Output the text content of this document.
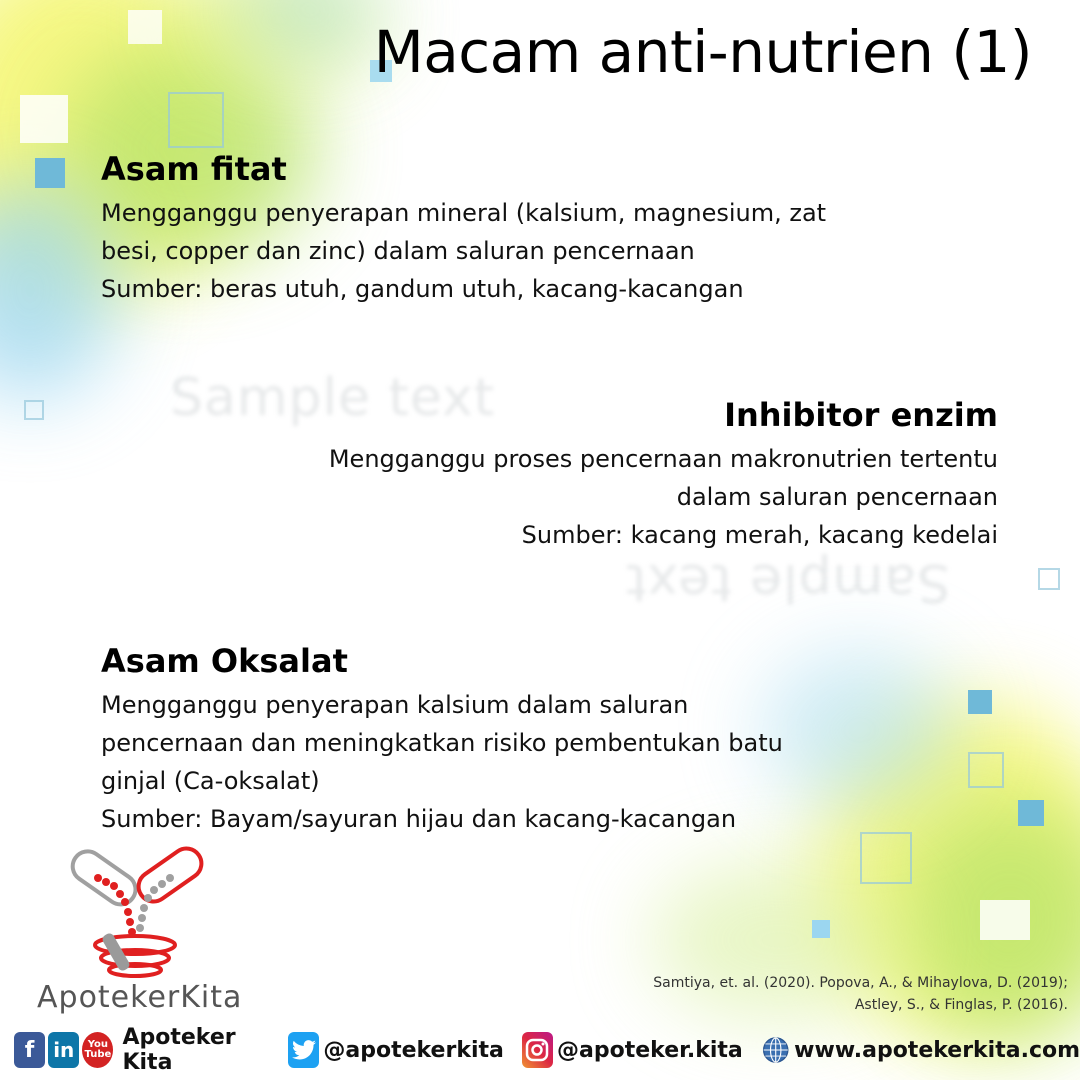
Sample text
Sample text
Macam anti-nutrien (1)
Asam fitat

Mengganggu penyerapan mineral (kalsium, magnesium, zat

besi, copper dan zinc) dalam saluran pencernaan

Sumber: beras utuh, gandum utuh, kacang-kacangan

Inhibitor enzim

Mengganggu proses pencernaan makronutrien tertentu

dalam saluran pencernaan

Sumber: kacang merah, kacang kedelai

Asam Oksalat

Mengganggu penyerapan kalsium dalam saluran

pencernaan dan meningkatkan risiko pembentukan batu

ginjal (Ca-oksalat)

Sumber: Bayam/sayuran hijau dan kacang-kacangan

ApotekerKita	Samtiya, et. al. (2020). Popova, A., & Mihaylova, D. (2019);
Astley, S., & Finglas, P. (2016).
f in	You
Tube
Apoteker Kita	@apotekerkita @apoteker.kita www.apotekerkita.com
